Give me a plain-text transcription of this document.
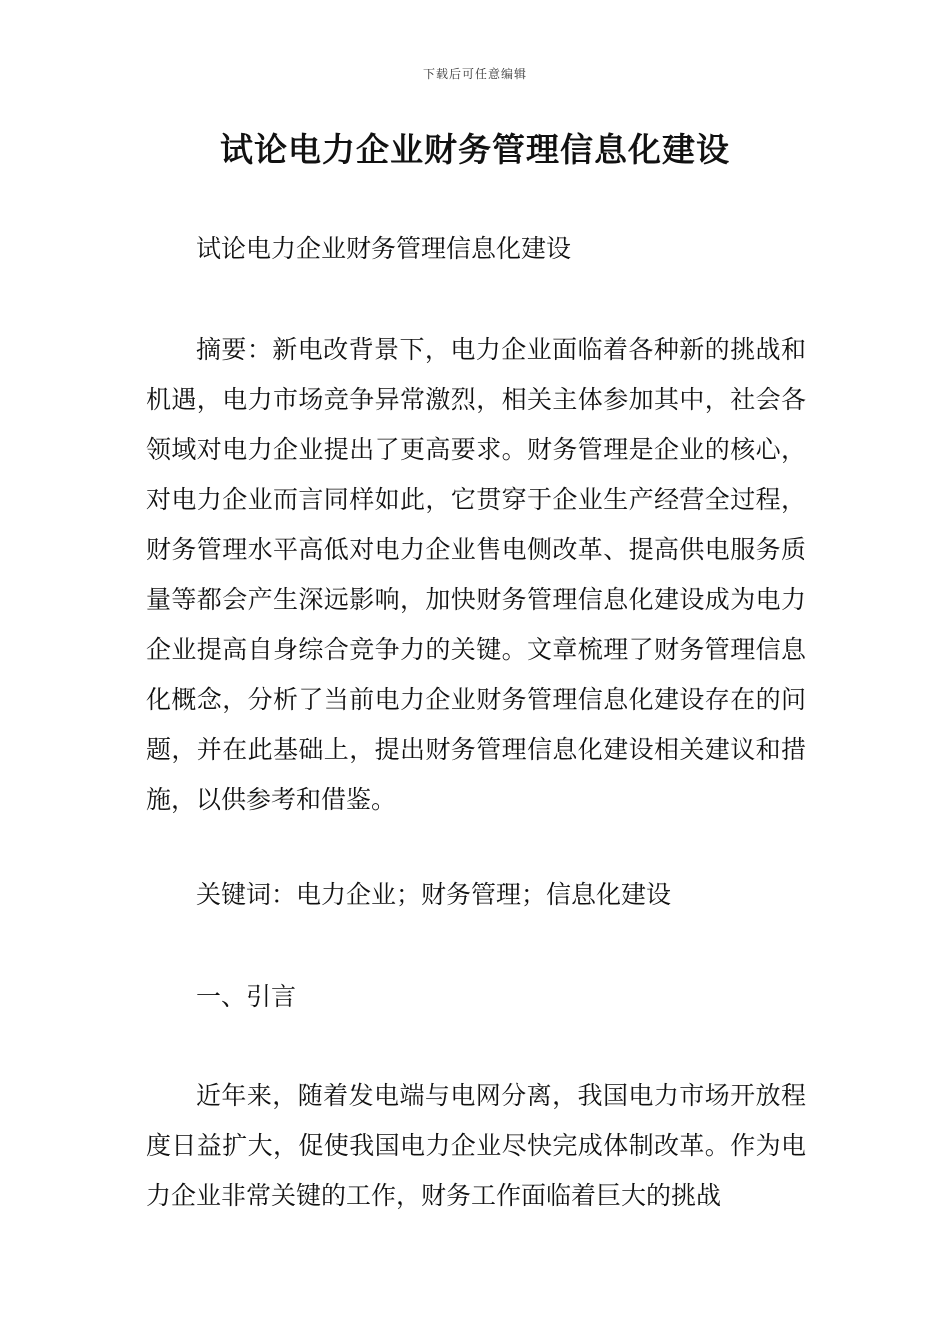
下载后可任意编辑
试论电力企业财务管理信息化建设

试论电力企业财务管理信息化建设

摘要：新电改背景下，电力企业面临着各种新的挑战和机遇，电力市场竞争异常激烈，相关主体参加其中，社会各领域对电力企业提出了更高要求。财务管理是企业的核心，对电力企业而言同样如此，它贯穿于企业生产经营全过程，财务管理水平高低对电力企业售电侧改革、提高供电服务质量等都会产生深远影响，加快财务管理信息化建设成为电力企业提高自身综合竞争力的关键。文章梳理了财务管理信息化概念，分析了当前电力企业财务管理信息化建设存在的问题，并在此基础上，提出财务管理信息化建设相关建议和措施，以供参考和借鉴。

关键词：电力企业；财务管理；信息化建设

一、引言

近年来，随着发电端与电网分离，我国电力市场开放程度日益扩大，促使我国电力企业尽快完成体制改革。作为电力企业非常关键的工作，财务工作面临着巨大的挑战
